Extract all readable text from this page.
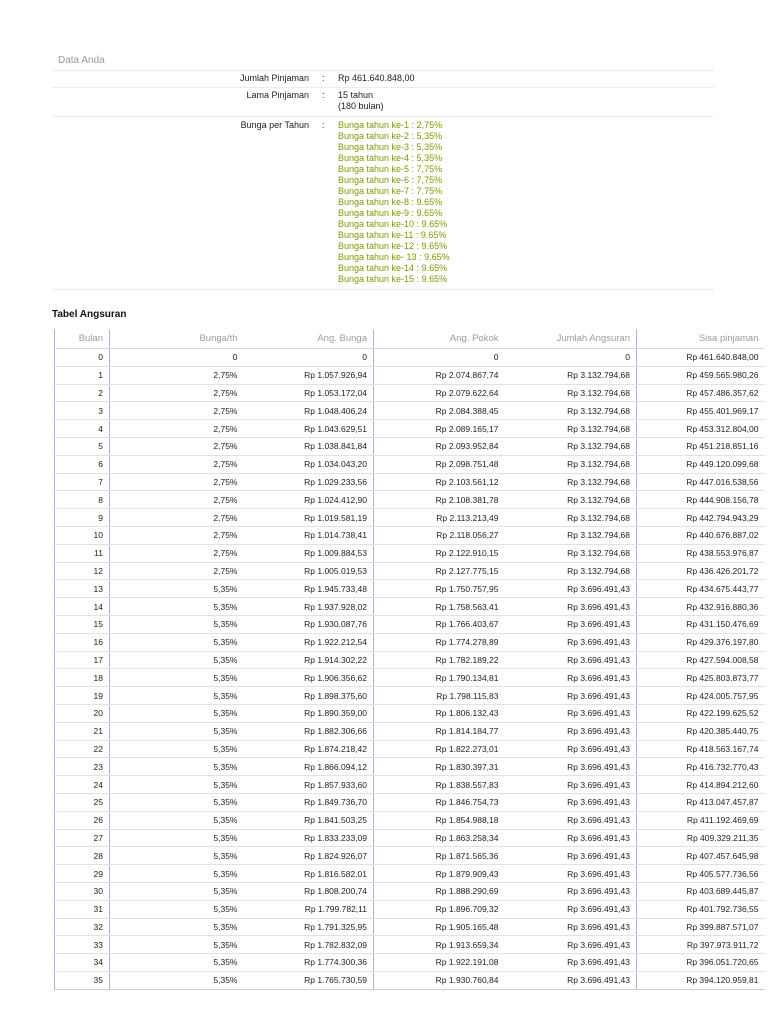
Data Anda
Jumlah Pinjaman : Rp 461.640.848,00
Lama Pinjaman : 15 tahun
(180 bulan)
Bunga per Tahun : Bunga tahun ke-1 : 2,75%
Bunga tahun ke-2 : 5,35%
Bunga tahun ke-3 : 5,35%
Bunga tahun ke-4 : 5,35%
Bunga tahun ke-5 : 7,75%
Bunga tahun ke-6 : 7,75%
Bunga tahun ke-7 : 7.75%
Bunga tahun ke-8 : 9.65%
Bunga tahun ke-9 : 9.65%
Bunga tahun ke-10 : 9.65%
Bunga tahun ke-11 : 9.65%
Bunga tahun ke-12 : 9.65%
Bunga tahun ke- 13 : 9.65%
Bunga tahun ke-14 : 9.65%
Bunga tahun ke-15 : 9.65%
Tabel Angsuran
Bulan	Bunga/th	Ang. Bunga	Ang. Pokok	Jumlah Angsuran	Sisa pinjaman
0	0	0	0	0	Rp 461.640.848,00
1	2,75%	Rp 1.057.926,94	Rp 2.074.867,74	Rp 3.132.794,68	Rp 459.565.980,26
2	2,75%	Rp 1.053.172,04	Rp 2.079.622,64	Rp 3.132.794,68	Rp 457.486.357,62
3	2,75%	Rp 1.048.406,24	Rp 2.084.388,45	Rp 3.132.794,68	Rp 455.401.969,17
4	2,75%	Rp 1.043.629,51	Rp 2.089.165,17	Rp 3.132.794,68	Rp 453.312.804,00
5	2,75%	Rp 1.038.841,84	Rp 2.093.952,84	Rp 3.132.794,68	Rp 451.218.851,16
6	2,75%	Rp 1.034.043,20	Rp 2.098.751,48	Rp 3.132.794,68	Rp 449.120.099,68
7	2,75%	Rp 1.029.233,56	Rp 2.103.561,12	Rp 3.132.794,68	Rp 447.016.538,56
8	2,75%	Rp 1.024.412,90	Rp 2.108.381,78	Rp 3.132.794,68	Rp 444.908.156,78
9	2,75%	Rp 1.019.581,19	Rp 2.113.213,49	Rp 3.132.794,68	Rp 442.794.943,29
10	2,75%	Rp 1.014.738,41	Rp 2.118.056,27	Rp 3.132.794,68	Rp 440.676.887,02
11	2,75%	Rp 1.009.884,53	Rp 2.122.910,15	Rp 3.132.794,68	Rp 438.553.976,87
12	2,75%	Rp 1.005.019,53	Rp 2.127.775,15	Rp 3.132.794,68	Rp 436.426.201,72
13	5,35%	Rp 1.945.733,48	Rp 1.750.757,95	Rp 3.696.491,43	Rp 434.675.443,77
14	5,35%	Rp 1.937.928,02	Rp 1.758.563,41	Rp 3.696.491,43	Rp 432.916.880,36
15	5,35%	Rp 1.930.087,76	Rp 1.766.403,67	Rp 3.696.491,43	Rp 431.150.476,69
16	5,35%	Rp 1.922.212,54	Rp 1.774.278,89	Rp 3.696.491,43	Rp 429.376.197,80
17	5,35%	Rp 1.914.302,22	Rp 1.782.189,22	Rp 3.696.491,43	Rp 427.594.008,58
18	5,35%	Rp 1.906.356,62	Rp 1.790.134,81	Rp 3.696.491,43	Rp 425.803.873,77
19	5,35%	Rp 1.898.375,60	Rp 1.798.115,83	Rp 3.696.491,43	Rp 424.005.757,95
20	5,35%	Rp 1.890.359,00	Rp 1.806.132,43	Rp 3.696.491,43	Rp 422.199.625,52
21	5,35%	Rp 1.882.306,66	Rp 1.814.184,77	Rp 3.696.491,43	Rp 420.385.440,75
22	5,35%	Rp 1.874.218,42	Rp 1.822.273,01	Rp 3.696.491,43	Rp 418.563.167,74
23	5,35%	Rp 1.866.094,12	Rp 1.830.397,31	Rp 3.696.491,43	Rp 416.732.770,43
24	5,35%	Rp 1.857.933,60	Rp 1.838.557,83	Rp 3.696.491,43	Rp 414.894.212,60
25	5,35%	Rp 1.849.736,70	Rp 1.846.754,73	Rp 3.696.491,43	Rp 413.047.457,87
26	5,35%	Rp 1.841.503,25	Rp 1.854.988,18	Rp 3.696.491,43	Rp 411.192.469,69
27	5,35%	Rp 1.833.233,09	Rp 1.863.258,34	Rp 3.696.491,43	Rp 409.329.211,35
28	5,35%	Rp 1.824.926,07	Rp 1.871.565,36	Rp 3.696.491,43	Rp 407.457.645,98
29	5,35%	Rp 1.816.582,01	Rp 1.879.909,43	Rp 3.696.491,43	Rp 405.577.736,56
30	5,35%	Rp 1.808.200,74	Rp 1.888.290,69	Rp 3.696.491,43	Rp 403.689.445,87
31	5,35%	Rp 1.799.782,11	Rp 1.896.709,32	Rp 3.696.491,43	Rp 401.792.736,55
32	5,35%	Rp 1.791.325,95	Rp 1.905.165,48	Rp 3.696.491,43	Rp 399.887.571,07
33	5,35%	Rp 1.782.832,09	Rp 1.913.659,34	Rp 3.696.491,43	Rp 397.973.911,72
34	5,35%	Rp 1.774.300,36	Rp 1.922.191,08	Rp 3.696.491,43	Rp 396.051.720,65
35	5,35%	Rp 1.765.730,59	Rp 1.930.760,84	Rp 3.696.491,43	Rp 394.120.959,81
